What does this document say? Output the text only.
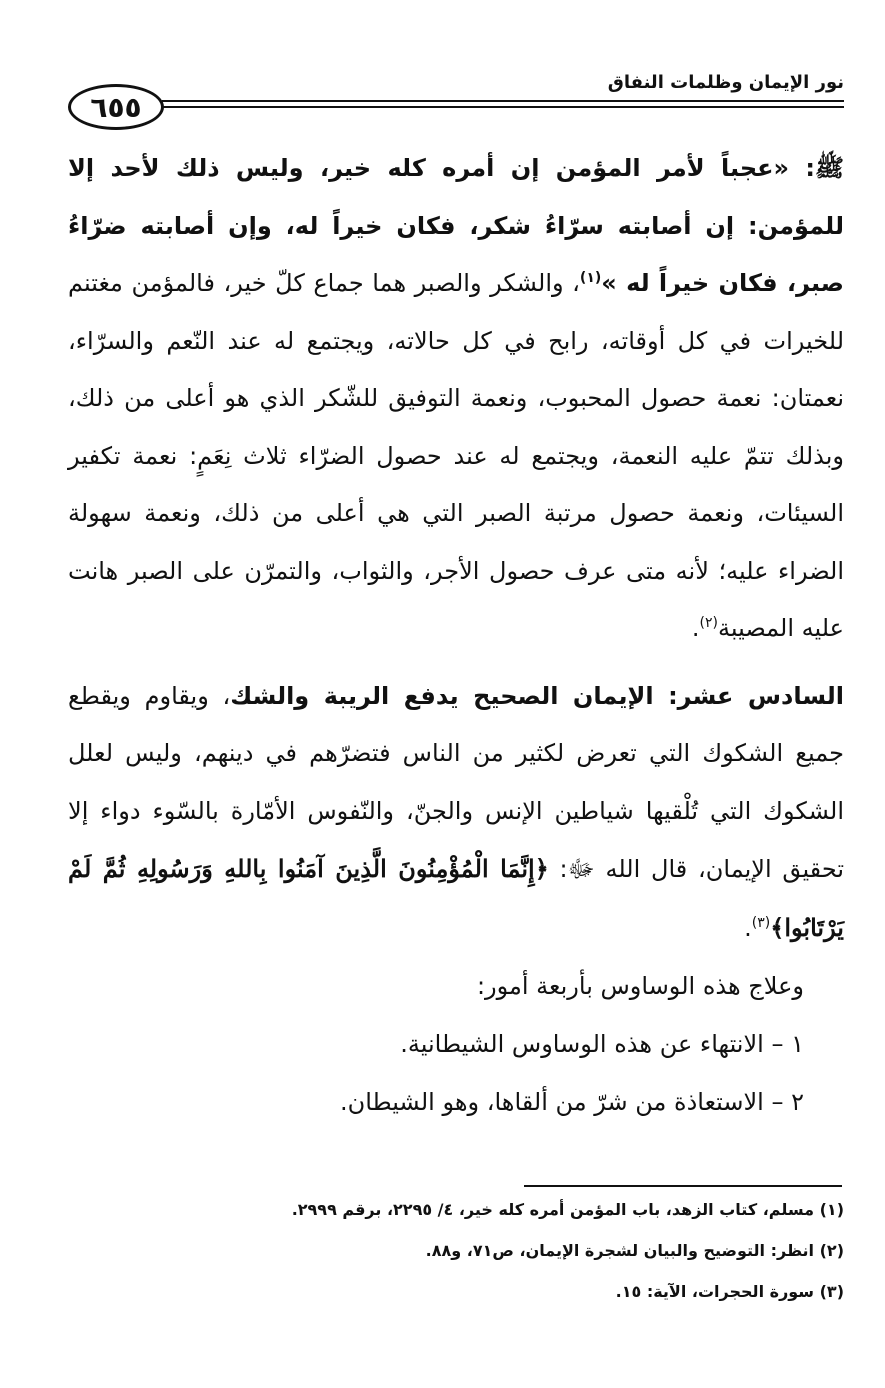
٦٥٥
نور الإيمان وظلمات النفاق

ﷺ: «عجباً لأمر المؤمن إن أمره كله خير، وليس ذلك لأحد إلا للمؤمن: إن أصابته سرّاءُ شكر، فكان خيراً له، وإن أصابته ضرّاءُ صبر، فكان خيراً له »$^{(١)}$، والشكر والصبر هما جماع كلّ خير، فالمؤمن مغتنم للخيرات في كل أوقاته، رابح في كل حالاته، ويجتمع له عند النّعم والسرّاء، نعمتان: نعمة حصول المحبوب، ونعمة التوفيق للشّكر الذي هو أعلى من ذلك، وبذلك تتمّ عليه النعمة، ويجتمع له عند حصول الضرّاء ثلاث نِعَمٍ: نعمة تكفير السيئات، ونعمة حصول مرتبة الصبر التي هي أعلى من ذلك، ونعمة سهولة الضراء عليه؛ لأنه متى عرف حصول الأجر، والثواب، والتمرّن على الصبر هانت عليه المصيبة$^{(٢)}$.

السادس عشر: الإيمان الصحيح يدفع الريبة والشك، ويقاوم ويقطع جميع الشكوك التي تعرض لكثير من الناس فتضرّهم في دينهم، وليس لعلل الشكوك التي تُلْقيها شياطين الإنس والجنّ، والنّفوس الأمّارة بالسّوء دواء إلا تحقيق الإيمان، قال الله ﷻ: ﴿إِنَّمَا الْمُؤْمِنُونَ الَّذِينَ آمَنُوا بِاللهِ وَرَسُولِهِ ثُمَّ لَمْ يَرْتَابُوا﴾$^{(٣)}$.

وعلاج هذه الوساوس بأربعة أمور:
١ – الانتهاء عن هذه الوساوس الشيطانية.
٢ – الاستعاذة من شرّ من ألقاها، وهو الشيطان.
(١) مسلم، كتاب الزهد، باب المؤمن أمره كله خير، ٤/ ٢٢٩٥، برقم ٢٩٩٩.
(٢) انظر: التوضيح والبيان لشجرة الإيمان، ص٧١، و٨٨.
(٣) سورة الحجرات، الآية: ١٥.
